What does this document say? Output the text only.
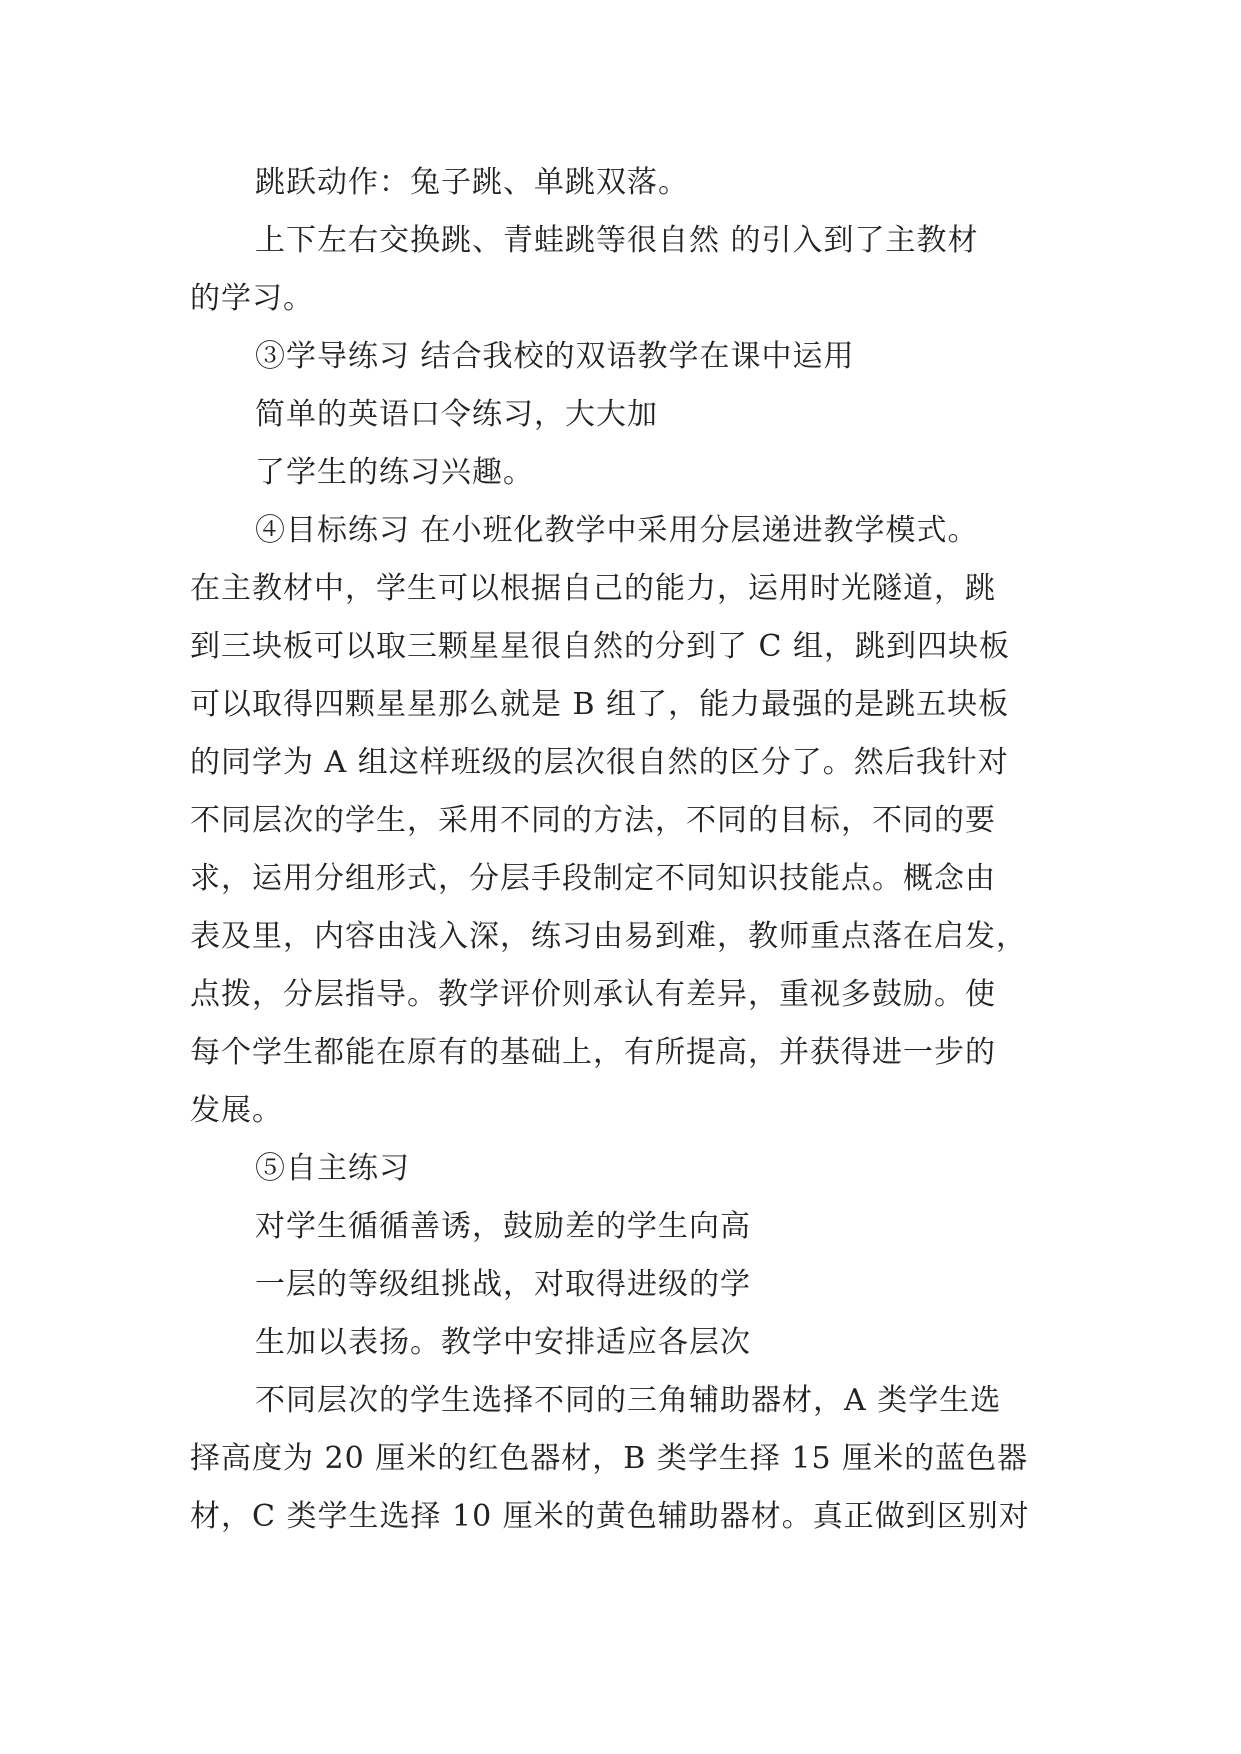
跳跃动作：兔子跳、单跳双落。
上下左右交换跳、青蛙跳等很自然 的引入到了主教材
的学习。
③学导练习 结合我校的双语教学在课中运用
简单的英语口令练习，大大加
了学生的练习兴趣。
④目标练习 在小班化教学中采用分层递进教学模式。
在主教材中，学生可以根据自己的能力，运用时光隧道，跳
到三块板可以取三颗星星很自然的分到了 C 组，跳到四块板
可以取得四颗星星那么就是 B 组了，能力最强的是跳五块板
的同学为 A 组这样班级的层次很自然的区分了。然后我针对
不同层次的学生，采用不同的方法，不同的目标，不同的要
求，运用分组形式，分层手段制定不同知识技能点。概念由
表及里，内容由浅入深，练习由易到难，教师重点落在启发，
点拨，分层指导。教学评价则承认有差异，重视多鼓励。使
每个学生都能在原有的基础上，有所提高，并获得进一步的
发展。
⑤自主练习
对学生循循善诱，鼓励差的学生向高
一层的等级组挑战，对取得进级的学
生加以表扬。教学中安排适应各层次
不同层次的学生选择不同的三角辅助器材，A 类学生选
择高度为 20 厘米的红色器材，B 类学生择 15 厘米的蓝色器
材，C 类学生选择 10 厘米的黄色辅助器材。真正做到区别对
